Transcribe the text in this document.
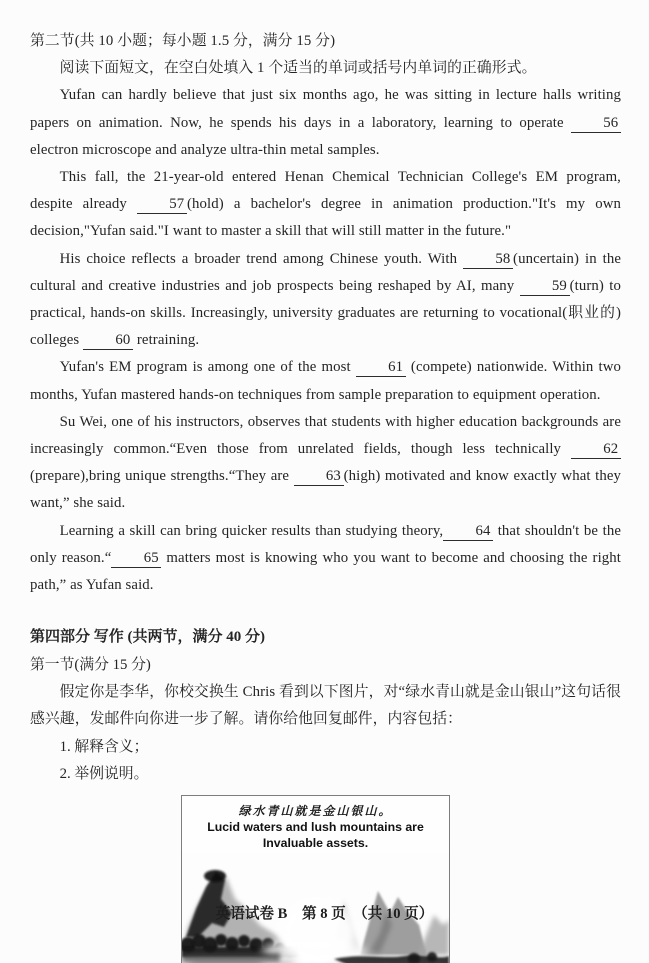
第二节(共 10 小题；每小题 1.5 分，满分 15 分)
阅读下面短文，在空白处填入 1 个适当的单词或括号内单词的正确形式。

Yufan can hardly believe that just six months ago, he was sitting in lecture halls writing papers on animation. Now, he spends his days in a laboratory, learning to operate 56 electron microscope and analyze ultra-thin metal samples.

This fall, the 21-year-old entered Henan Chemical Technician College's EM program, despite already 57 (hold) a bachelor's degree in animation production."It's my own decision,"Yufan said."I want to master a skill that will still matter in the future."

His choice reflects a broader trend among Chinese youth. With 58 (uncertain) in the cultural and creative industries and job prospects being reshaped by AI, many 59 (turn) to practical, hands-on skills. Increasingly, university graduates are returning to vocational(职业的) colleges 60 retraining.

Yufan's EM program is among one of the most 61 (compete) nationwide. Within two months, Yufan mastered hands-on techniques from sample preparation to equipment operation.

Su Wei, one of his instructors, observes that students with higher education backgrounds are increasingly common.“Even those from unrelated fields, though less technically 62(prepare),bring unique strengths.“They are 63 (high) motivated and know exactly what they want,” she said.

Learning a skill can bring quicker results than studying theory, 64 that shouldn't be the only reason.“ 65 matters most is knowing who you want to become and choosing the right path,” as Yufan said.

第四部分 写作 (共两节，满分 40 分)
第一节(满分 15 分)
假定你是李华，你校交换生 Chris 看到以下图片，对“绿水青山就是金山银山”这句话很感兴趣，发邮件向你进一步了解。请你给他回复邮件，内容包括：
1. 解释含义；
2. 举例说明。
绿水青山就是金山银山。
Lucid waters and lush mountains are Invaluable assets.
英语试卷 B　第 8 页　（共 10 页）
